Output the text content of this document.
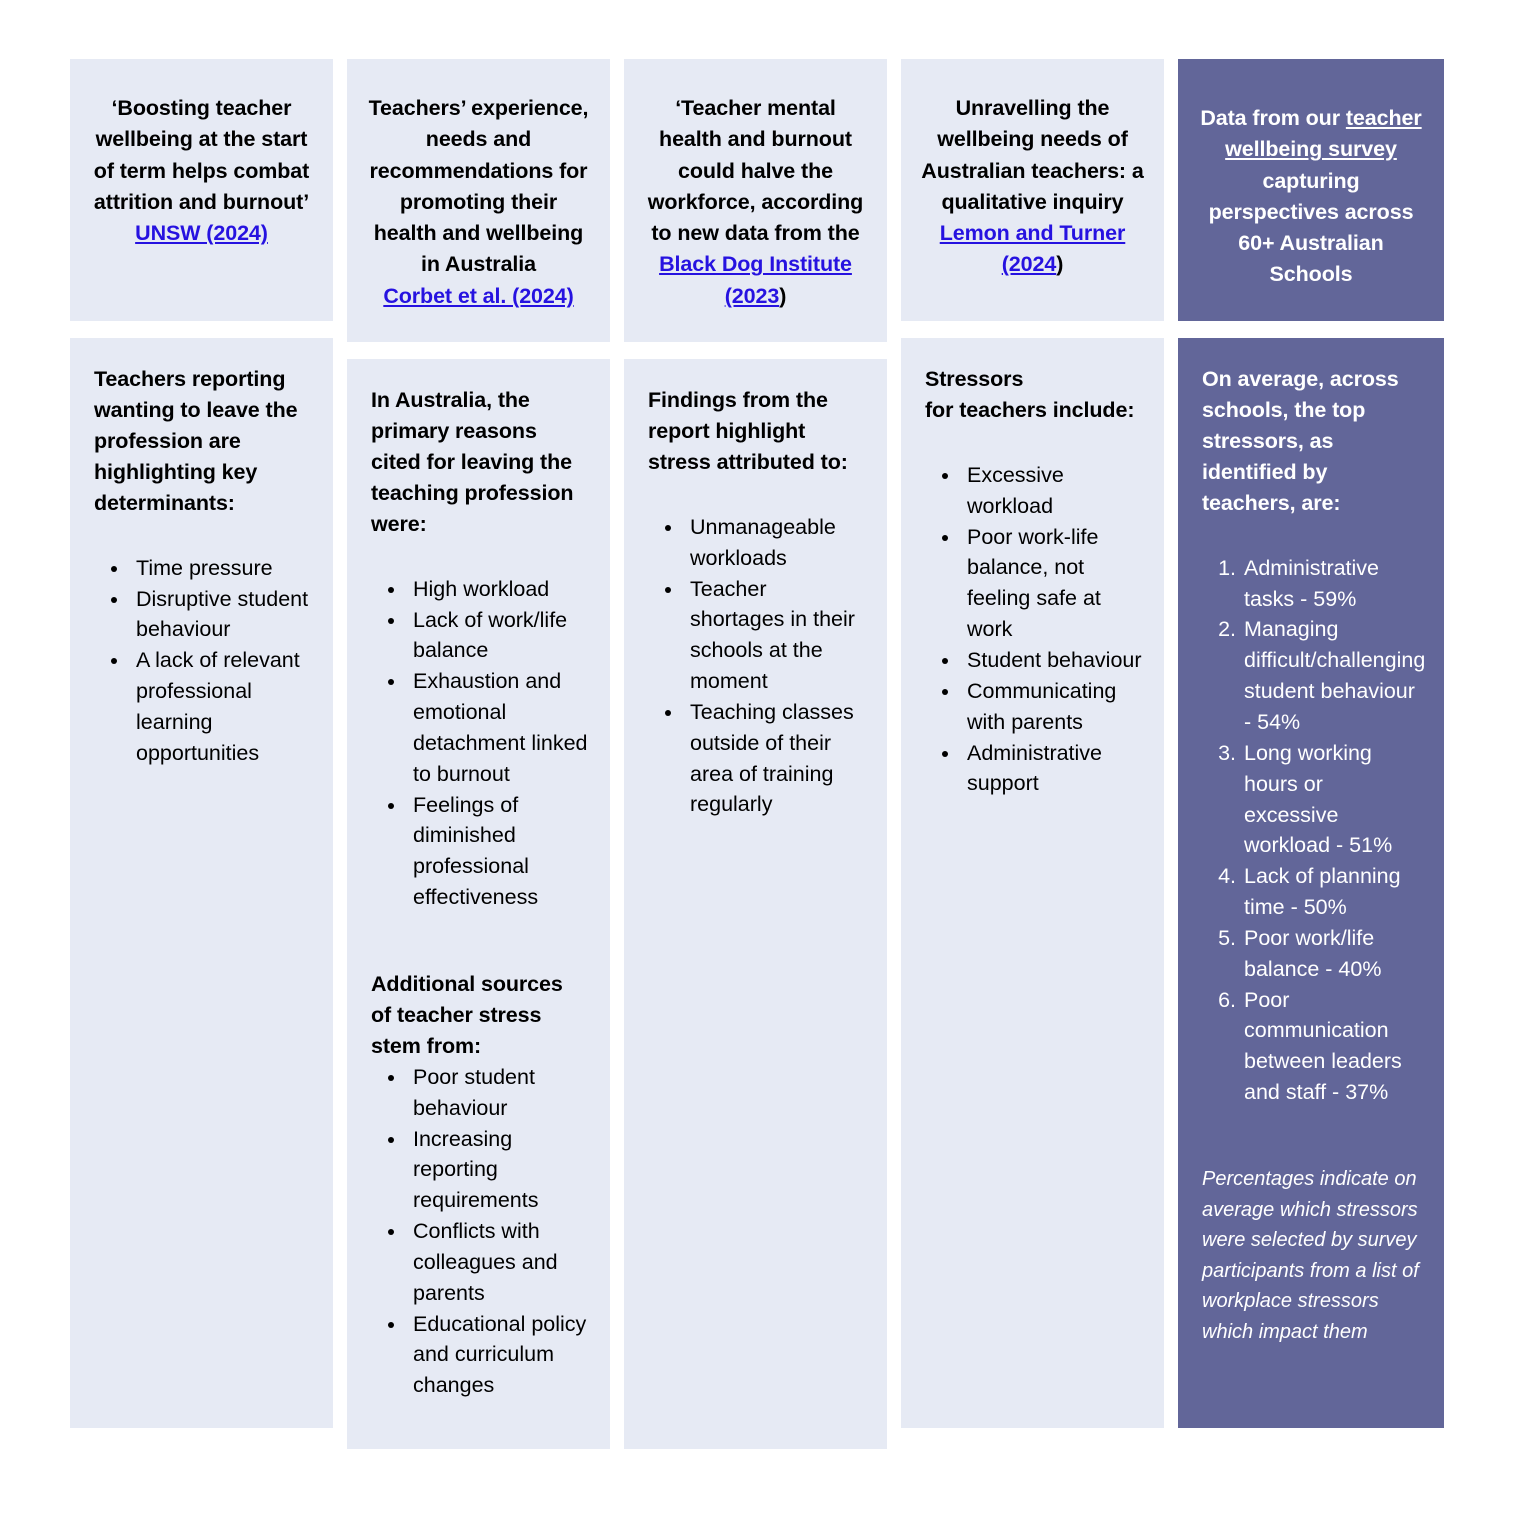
‘Boosting teacher wellbeing at the start of term helps combat attrition and burnout’
UNSW (2024)

Teachers reporting wanting to leave the profession are highlighting key determinants:

• Time pressure
• Disruptive student behaviour
• A lack of relevant professional learning opportunities
Teachers’ experience, needs and recommendations for promoting their health and wellbeing in Australia
Corbet et al. (2024)

In Australia, the primary reasons cited for leaving the teaching profession were:

• High workload
• Lack of work/life balance
• Exhaustion and emotional detachment linked to burnout
• Feelings of diminished professional effectiveness

Additional sources of teacher stress stem from:

• Poor student behaviour
• Increasing reporting requirements
• Conflicts with colleagues and parents
• Educational policy and curriculum changes
‘Teacher mental health and burnout could halve the workforce, according to new data from the
Black Dog Institute (2023)

Findings from the report highlight stress attributed to:

• Unmanageable workloads
• Teacher shortages in their schools at the moment
• Teaching classes outside of their area of training regularly
Unravelling the wellbeing needs of Australian teachers: a qualitative inquiry
Lemon and Turner (2024)

Stressors
for teachers include:

• Excessive workload
• Poor work-life balance, not feeling safe at work
• Student behaviour
• Communicating with parents
• Administrative support
Data from our teacher wellbeing survey capturing perspectives across 60+ Australian Schools

On average, across schools, the top stressors, as identified by teachers, are:

1. Administrative tasks - 59%
2. Managing difficult/challenging student behaviour - 54%
3. Long working hours or excessive workload - 51%
4. Lack of planning time - 50%
5. Poor work/life balance - 40%
6. Poor communication between leaders and staff - 37%

Percentages indicate on average which stressors were selected by survey participants from a list of workplace stressors which impact them
